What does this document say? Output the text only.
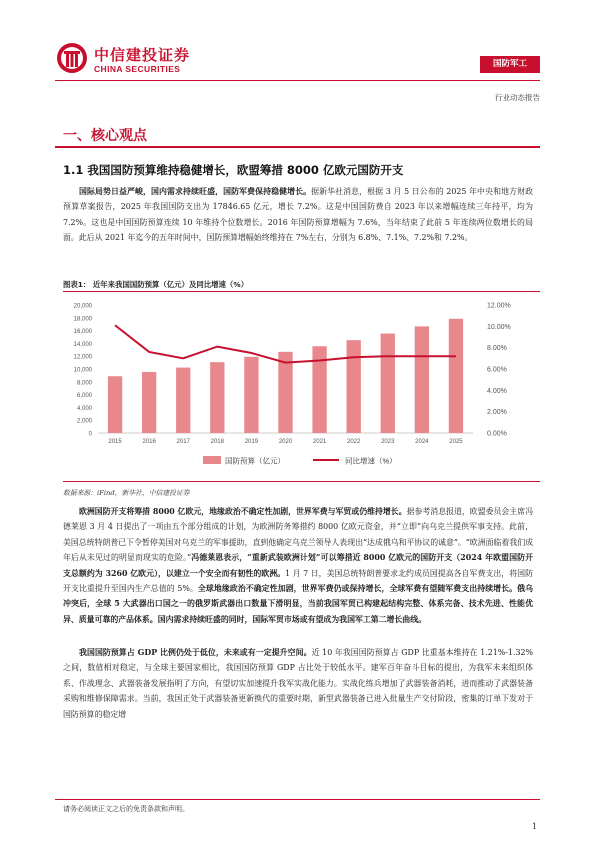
中信建投证券
CHINA SECURITIES	国防军工
行业动态报告
一、核心观点
1.1 我国国防预算维持稳健增长，欧盟筹措 8000 亿欧元国防开支

国际局势日益严峻，国内需求持续旺盛，国防军费保持稳健增长。据新华社消息，根据 3 月 5 日公布的 2025 年中央和地方财政预算草案报告，2025 年我国国防支出为 17846.65 亿元，增长 7.2%。这是中国国防费自 2023 年以来增幅连续三年持平，均为 7.2%。这也是中国国防预算连续 10 年维持个位数增长。2016 年国防预算增幅为 7.6%，当年结束了此前 5 年连续两位数增长的局面。此后从 2021 年迄今的五年时间中，国防预算增幅始终维持在 7%左右，分别为 6.8%、7.1%、7.2%和 7.2%。

图表1： 近年来我国国防预算（亿元）及同比增速（%）
0
2,000
4,000
6,000
8,000
10,000
12,000
14,000
16,000
18,000
20,000
0.00%
2.00%
4.00%
6.00%
8.00%
10.00%
12.00%
2015	2016	2017	2018	2019	2020	2021	2022	2023	2024	2025
国防预算（亿元）	同比增速（%）
数据来源：iFind，新华社，中信建投证券

欧洲国防开支将筹措 8000 亿欧元，地缘政治不确定性加剧，世界军费与军贸或仍维持增长。据参考消息报道，欧盟委员会主席冯德莱恩 3 月 4 日提出了一项由五个部分组成的计划，为欧洲防务筹措约 8000 亿欧元资金，并“立即”向乌克兰提供军事支持。此前，美国总统特朗普已下令暂停美国对乌克兰的军事援助，直到他确定乌克兰领导人表现出“达成俄乌和平协议的诚意”。“欧洲面临着我们成年后从未见过的明显而现实的危险。”冯德莱恩表示，“重新武装欧洲计划”可以筹措近 8000 亿欧元的国防开支（2024 年欧盟国防开支总额约为 3260 亿欧元），以建立一个安全而有韧性的欧洲。1 月 7 日，美国总统特朗普要求北约成员国提高各自军费支出，将国防开支比重提升至国内生产总值的 5%。全球地缘政治不确定性加剧，世界军费仍或保持增长，全球军费有望随军费支出持续增长。俄乌冲突后，全球 5 大武器出口国之一的俄罗斯武器出口数量下滑明显，当前我国军贸已构建起结构完整、体系完备、技术先进、性能优异、质量可靠的产品体系。国内需求持续旺盛的同时，国际军贸市场或有望成为我国军工第二增长曲线。

我国国防预算占 GDP 比例仍处于低位，未来或有一定提升空间。近 10 年我国国防预算占 GDP 比重基本维持在 1.21%-1.32%之间，数值相对稳定，与全球主要国家相比，我国国防预算 GDP 占比处于较低水平。建军百年奋斗目标的提出，为我军未来组织体系、作战理念、武器装备发展指明了方向，有望切实加速提升我军实战化能力。实战化练兵增加了武器装备消耗，进而推动了武器装备采购和维修保障需求。当前，我国正处于武器装备更新换代的重要时期，新型武器装备已进入批量生产交付阶段，密集的订单下发对于国防预算的稳定增

请务必阅读正文之后的免责条款和声明。
1
